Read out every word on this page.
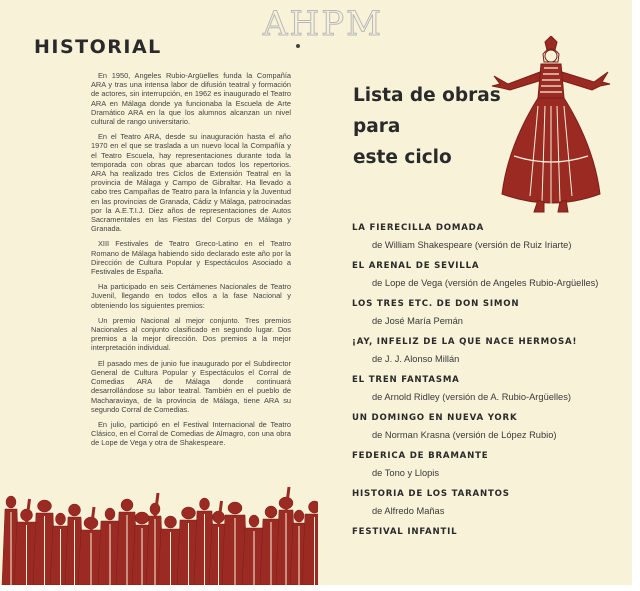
AHPM
HISTORIAL

En 1950, Angeles Rubio-Argüelles funda la Compañía ARA y tras una intensa labor de difusión teatral y formación de actores, sin interrupción, en 1962 es inaugurado el Teatro ARA en Málaga donde ya funcionaba la Escuela de Arte Dramático ARA en la que los alumnos alcanzan un nivel cultural de rango universitario.

En el Teatro ARA, desde su inauguración hasta el año 1970 en el que se traslada a un nuevo local la Compañía y el Teatro Escuela, hay representaciones durante toda la temporada con obras que abarcan todos los repertorios. ARA ha realizado tres Ciclos de Extensión Teatral en la provincia de Málaga y Campo de Gibraltar. Ha llevado a cabo tres Campañas de Teatro para la Infancia y la Juventud en las provincias de Granada, Cádiz y Málaga, patrocinadas por la A.E.T.I.J. Diez años de representaciones de Autos Sacramentales en las Fiestas del Corpus de Málaga y Granada.

XIII Festivales de Teatro Greco-Latino en el Teatro Romano de Málaga habiendo sido declarado este año por la Dirección de Cultura Popular y Espectáculos Asociado a Festivales de España.

Ha participado en seis Certámenes Nacionales de Teatro Juvenil, llegando en todos ellos a la fase Nacional y obteniendo los siguientes premios:

Un premio Nacional al mejor conjunto. Tres premios Nacionales al conjunto clasificado en segundo lugar. Dos premios a la mejor dirección. Dos premios a la mejor interpretación individual.

El pasado mes de junio fue inaugurado por el Subdirector General de Cultura Popular y Espectáculos el Corral de Comedias ARA de Málaga donde continuará desarrollándose su labor teatral. También en el pueblo de Macharaviaya, de la provincia de Málaga, tiene ARA su segundo Corral de Comedias.

En julio, participó en el Festival Internacional de Teatro Clásico, en el Corral de Comedias de Almagro, con una obra de Lope de Vega y otra de Shakespeare.

Lista de obras
para
este ciclo
LA FIERECILLA DOMADA
de William Shakespeare (versión de Ruiz Iriarte)
EL ARENAL DE SEVILLA
de Lope de Vega (versión de Angeles Rubio-Argüelles)
LOS TRES ETC. DE DON SIMON
de José María Pemán
¡AY, INFELIZ DE LA QUE NACE HERMOSA!
de J. J. Alonso Millán
EL TREN FANTASMA
de Arnold Ridley (versión de A. Rubio-Argüelles)
UN DOMINGO EN NUEVA YORK
de Norman Krasna (versión de López Rubio)
FEDERICA DE BRAMANTE
de Tono y Llopis
HISTORIA DE LOS TARANTOS
de Alfredo Mañas
FESTIVAL INFANTIL
